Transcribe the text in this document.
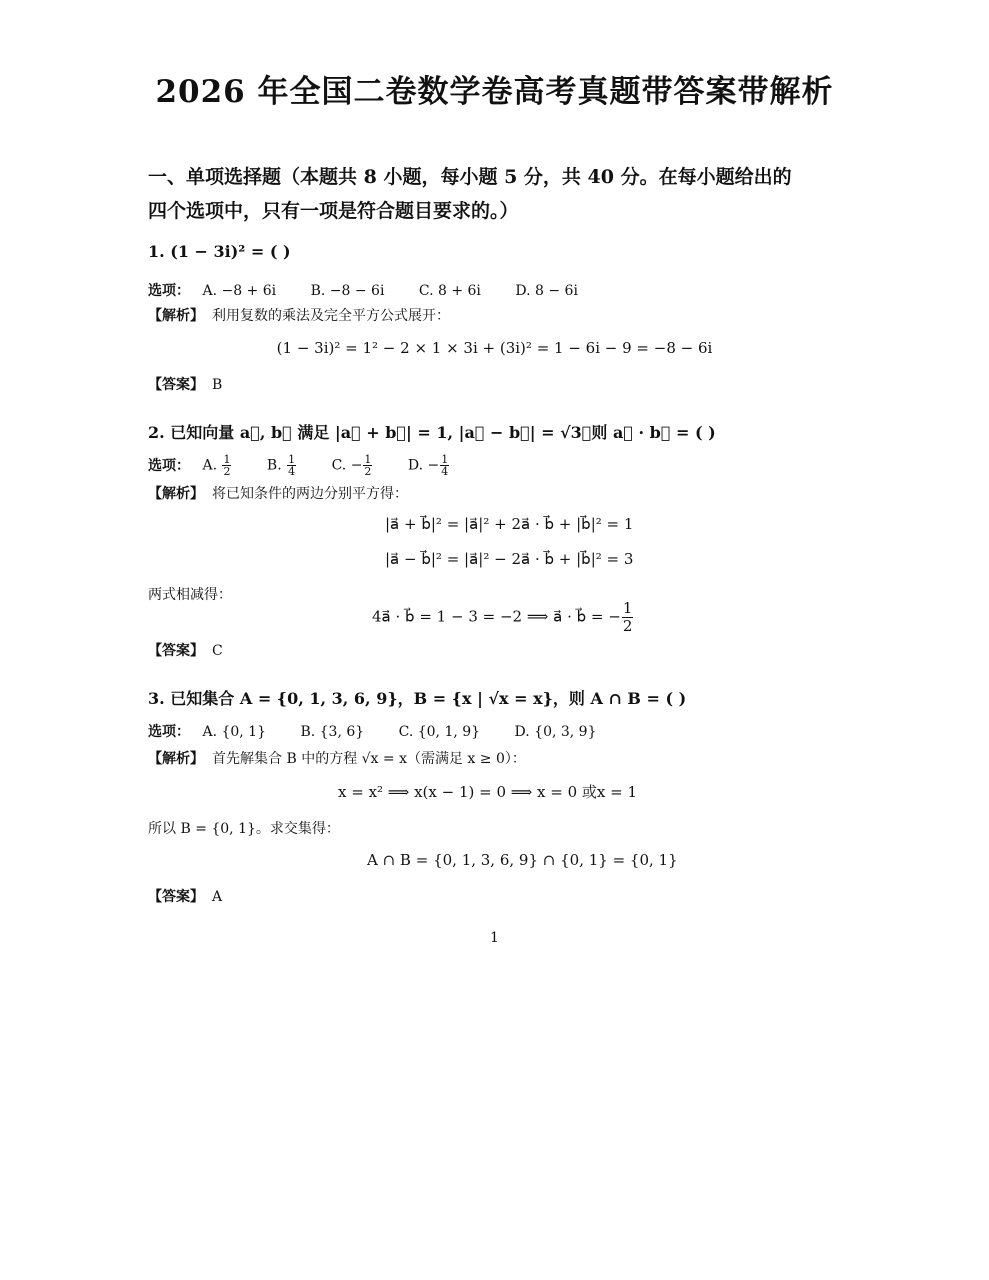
2026 年全国二卷数学卷高考真题带答案带解析
一、单项选择题（本题共 8 小题，每小题 5 分，共 40 分。在每小题给出的
四个选项中，只有一项是符合题目要求的。）
1. (1 − 3i)² = ( )
选项： A. −8 + 6i B. −8 − 6i C. 8 + 6i D. 8 − 6i
【解析】 利用复数的乘法及完全平方公式展开：
(1 − 3i)² = 1² − 2 × 1 × 3i + (3i)² = 1 − 6i − 9 = −8 − 6i
【答案】 B
2. 已知向量 a⃗, b⃗ 满足 |a⃗ + b⃗| = 1, |a⃗ − b⃗| = √3，则 a⃗ · b⃗ = ( )
选项： A. $\frac{1}{2}$	B. $\frac{1}{4}$	C. − $\frac{1}{2}$	D. − $\frac{1}{4}$
【解析】 将已知条件的两边分别平方得：
|a⃗ + b⃗|² = |a⃗|² + 2a⃗ · b⃗ + |b⃗|² = 1
|a⃗ − b⃗|² = |a⃗|² − 2a⃗ · b⃗ + |b⃗|² = 3
两式相减得：
4a⃗ · b⃗ = 1 − 3 = −2 ⟹ a⃗ · b⃗ = − $\frac{1}{2}$
【答案】 C
3. 已知集合 A = {0, 1, 3, 6, 9}，B = {x | √x = x}，则 A ∩ B = ( )
选项： A. {0, 1} B. {3, 6} C. {0, 1, 9} D. {0, 3, 9}
【解析】 首先解集合 B 中的方程 √x = x（需满足 x ≥ 0）：
x = x² ⟹ x(x − 1) = 0 ⟹ x = 0 或x = 1
所以 B = {0, 1}。求交集得：
A ∩ B = {0, 1, 3, 6, 9} ∩ {0, 1} = {0, 1}
【答案】 A
1
